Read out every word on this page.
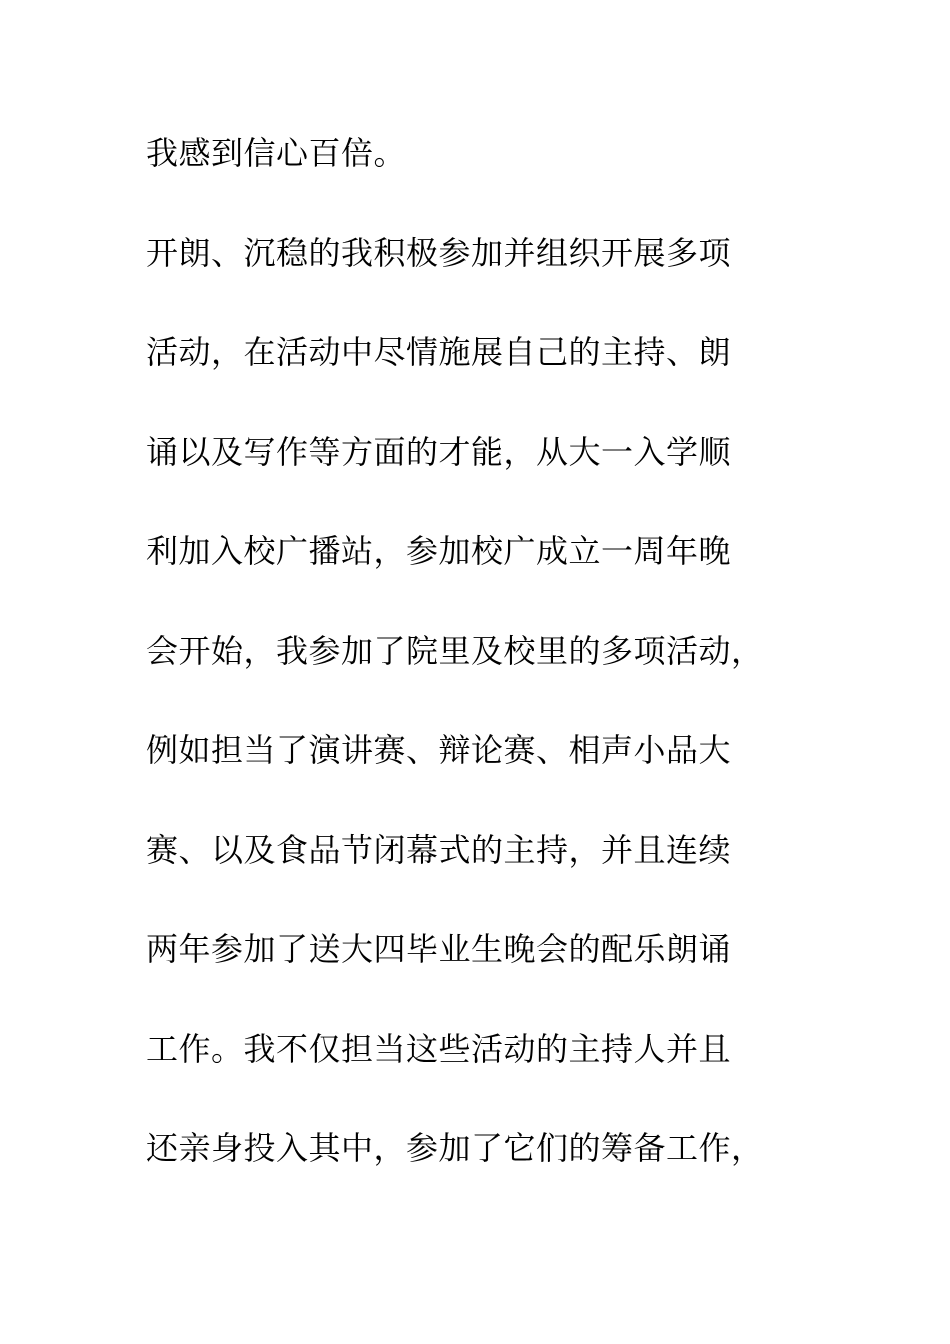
我感到信心百倍。
开朗、沉稳的我积极参加并组织开展多项
活动，在活动中尽情施展自己的主持、朗
诵以及写作等方面的才能，从大一入学顺
利加入校广播站，参加校广成立一周年晚
会开始，我参加了院里及校里的多项活动，
例如担当了演讲赛、辩论赛、相声小品大
赛、以及食品节闭幕式的主持，并且连续
两年参加了送大四毕业生晚会的配乐朗诵
工作。我不仅担当这些活动的主持人并且
还亲身投入其中，参加了它们的筹备工作，
